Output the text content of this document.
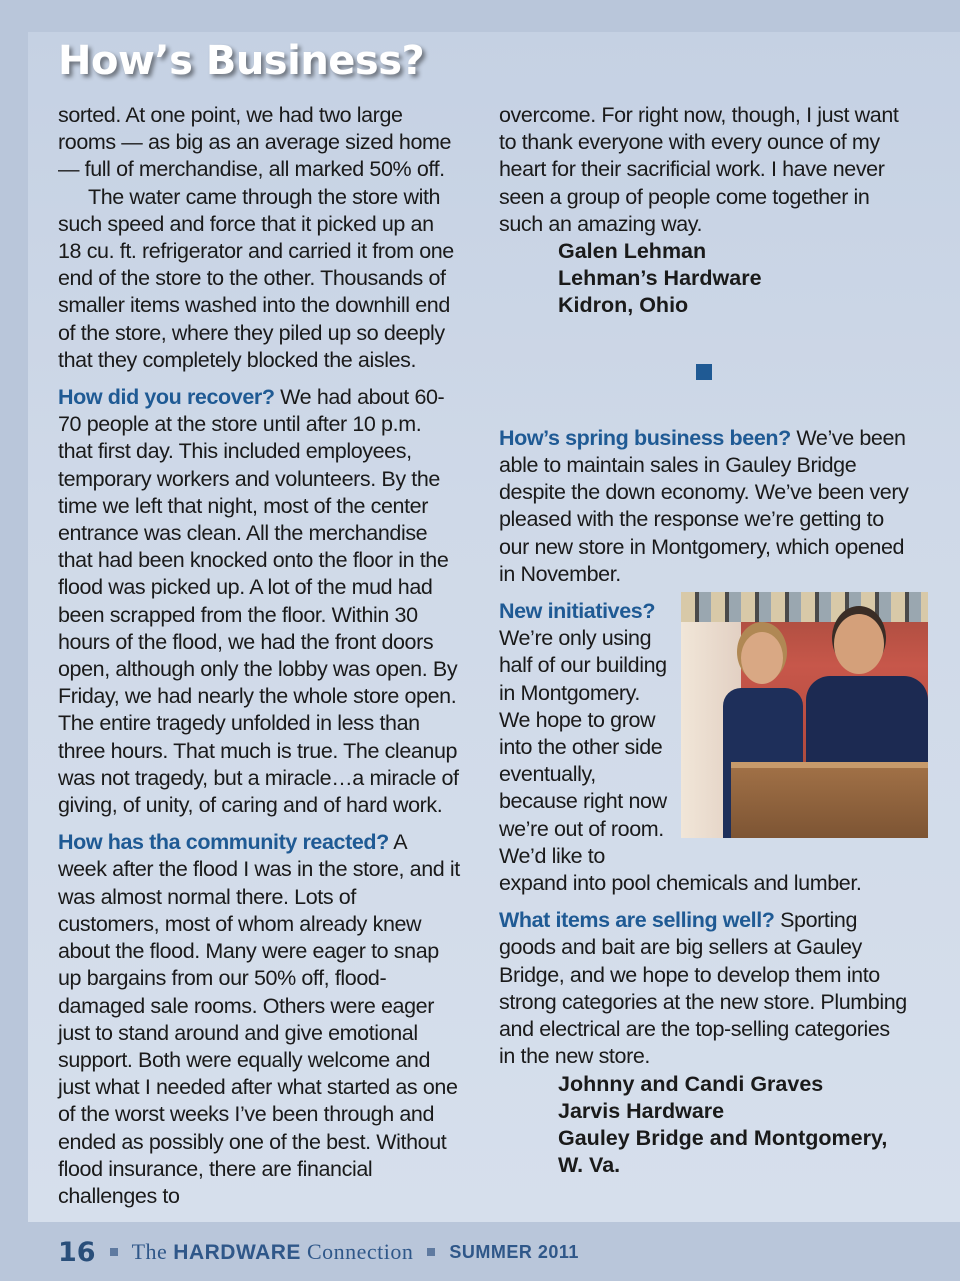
How’s Business?

sorted. At one point, we had two large rooms — as big as an average sized home — full of merchandise, all marked 50% off.

The water came through the store with such speed and force that it picked up an 18 cu. ft. refrigerator and carried it from one end of the store to the other. Thousands of smaller items washed into the downhill end of the store, where they piled up so deeply that they completely blocked the aisles.

How did you recover? We had about 60-70 people at the store until after 10 p.m. that first day. This included employees, temporary workers and volunteers. By the time we left that night, most of the center entrance was clean. All the merchandise that had been knocked onto the floor in the flood was picked up. A lot of the mud had been scrapped from the floor. Within 30 hours of the flood, we had the front doors open, although only the lobby was open. By Friday, we had nearly the whole store open. The entire tragedy unfolded in less than three hours. That much is true. The cleanup was not tragedy, but a miracle…a miracle of giving, of unity, of caring and of hard work.

How has tha community reacted? A week after the flood I was in the store, and it was almost normal there. Lots of customers, most of whom already knew about the flood. Many were eager to snap up bargains from our 50% off, flood-damaged sale rooms. Others were eager just to stand around and give emotional support. Both were equally welcome and just what I needed after what started as one of the worst weeks I’ve been through and ended as possibly one of the best. Without flood insurance, there are financial challenges to

overcome. For right now, though, I just want to thank everyone with every ounce of my heart for their sacrificial work. I have never seen a group of people come together in such an amazing way.

Galen Lehman
Lehman’s Hardware
Kidron, Ohio

How’s spring business been? We’ve been able to maintain sales in Gauley Bridge despite the down economy. We’ve been very pleased with the response we’re getting to our new store in Montgomery, which opened in November.

New initiatives? We’re only using half of our building in Montgomery. We hope to grow into the other side eventually, because right now we’re out of room. We’d like to expand into pool chemicals and lumber.

What items are selling well? Sporting goods and bait are big sellers at Gauley Bridge, and we hope to develop them into strong categories at the new store. Plumbing and electrical are the top-selling categories in the new store.

Johnny and Candi Graves
Jarvis Hardware
Gauley Bridge and Montgomery,
W. Va.
16 The HARDWARE Connection SUMMER 2011
